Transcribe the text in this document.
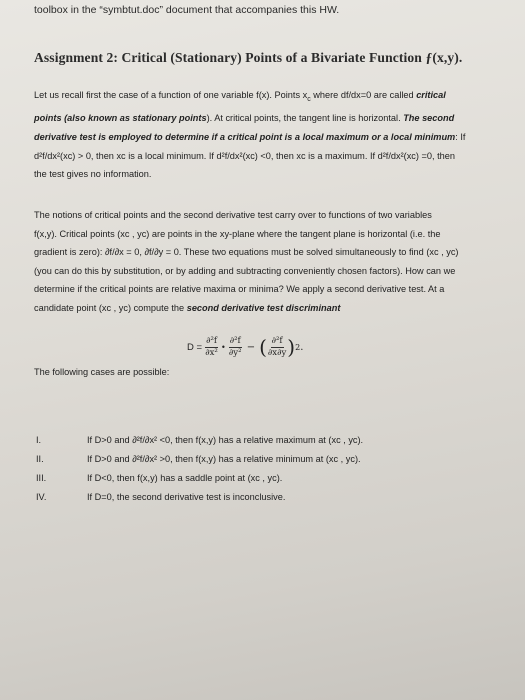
toolbox in the “symbtut.doc” document that accompanies this HW.
Assignment 2: Critical (Stationary) Points of a Bivariate Function ƒ(x,y).
Let us recall first the case of a function of one variable f(x). Points $x_c$ where df/dx=0 are called critical
points (also known as stationary points). At critical points, the tangent line is horizontal. The second
derivative test is employed to determine if a critical point is a local maximum or a local minimum: If
d²f/dx²(xᴄ) > 0, then xᴄ is a local minimum. If d²f/dx²(xᴄ) <0, then xᴄ is a maximum. If d²f/dx²(xᴄ) =0, then
the test gives no information.
The notions of critical points and the second derivative test carry over to functions of two variables
f(x,y). Critical points (xᴄ , yᴄ) are points in the xy-plane where the tangent plane is horizontal (i.e. the
gradient is zero): ∂f/∂x = 0, ∂f/∂y = 0. These two equations must be solved simultaneously to find (xᴄ , yᴄ)
(you can do this by substitution, or by adding and subtracting conveniently chosen factors). How can we
determine if the critical points are relative maxima or minima? We apply a second derivative test. At a
candidate point (xᴄ , yᴄ) compute the second derivative test discriminant
$D = \frac{\text{∂²f}}{\text{∂x²}}$ • $\frac{\text{∂²f}}{\text{∂y²}}$ − ( $\frac{\text{∂²f}}{\partial x\partial y}$ ) 2 .
The following cases are possible:
I.	If D>0 and ∂²f/∂x² <0, then f(x,y) has a relative maximum at (xᴄ , yᴄ).
II.	If D>0 and ∂²f/∂x² >0, then f(x,y) has a relative minimum at (xᴄ , yᴄ).
III.	If D<0, then f(x,y) has a saddle point at (xᴄ , yᴄ).
IV.	If D=0, the second derivative test is inconclusive.
